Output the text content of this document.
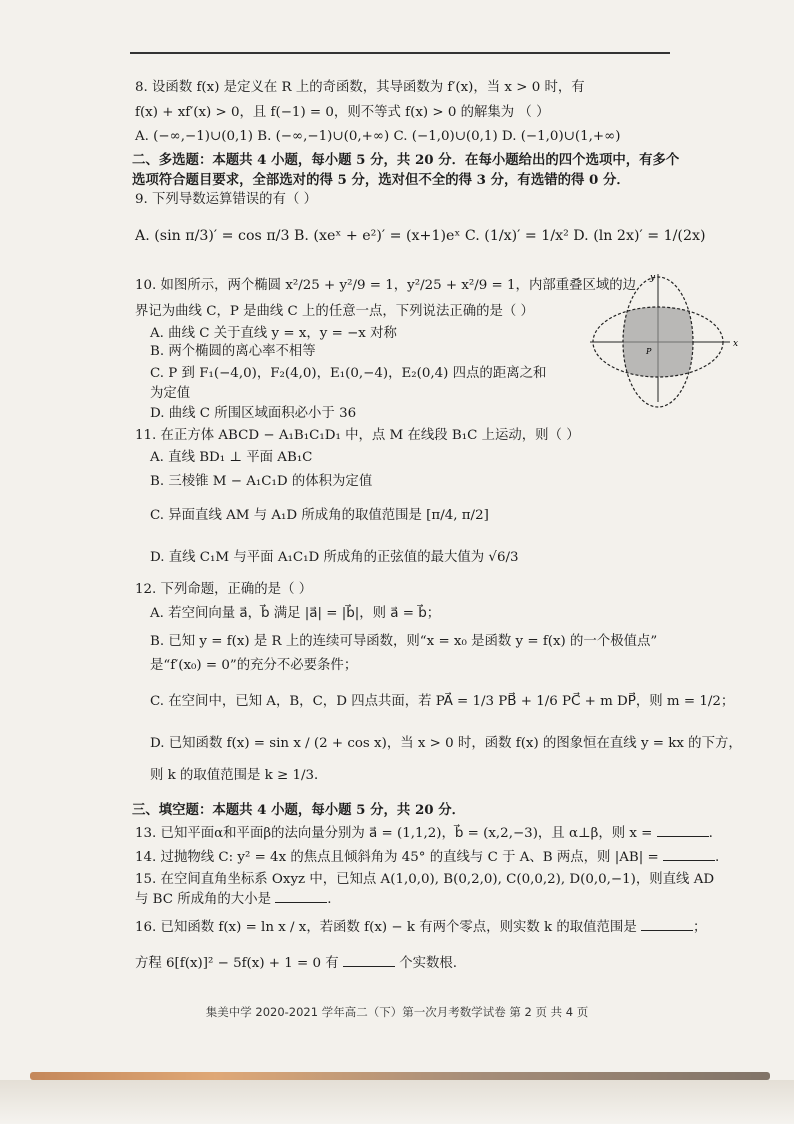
8. 设函数 f(x) 是定义在 R 上的奇函数，其导函数为 f′(x)，当 x > 0 时，有
f(x) + xf′(x) > 0，且 f(−1) = 0，则不等式 f(x) > 0 的解集为 （ ）
A. (−∞,−1)∪(0,1) B. (−∞,−1)∪(0,+∞) C. (−1,0)∪(0,1) D. (−1,0)∪(1,+∞)
二、多选题：本题共 4 小题，每小题 5 分，共 20 分．在每小题给出的四个选项中，有多个
选项符合题目要求，全部选对的得 5 分，选对但不全的得 3 分，有选错的得 0 分．
9. 下列导数运算错误的有（ ）
A. (sin π/3)′ = cos π/3 B. (xeˣ + e²)′ = (x+1)eˣ C. (1/x)′ = 1/x² D. (ln 2x)′ = 1/(2x)
10. 如图所示，两个椭圆 x²/25 + y²/9 = 1，y²/25 + x²/9 = 1，内部重叠区域的边
界记为曲线 C，P 是曲线 C 上的任意一点，下列说法正确的是（ ）
A. 曲线 C 关于直线 y = x，y = −x 对称
B. 两个椭圆的离心率不相等
C. P 到 F₁(−4,0)，F₂(4,0)，E₁(0,−4)，E₂(0,4) 四点的距离之和
为定值
D. 曲线 C 所围区域面积必小于 36
x
y
P
11. 在正方体 ABCD − A₁B₁C₁D₁ 中，点 M 在线段 B₁C 上运动，则（ ）
A. 直线 BD₁ ⊥ 平面 AB₁C
B. 三棱锥 M − A₁C₁D 的体积为定值
C. 异面直线 AM 与 A₁D 所成角的取值范围是 [π/4, π/2]
D. 直线 C₁M 与平面 A₁C₁D 所成角的正弦值的最大值为 √6/3
12. 下列命题，正确的是（ ）
A. 若空间向量 a⃗，b⃗ 满足 |a⃗| = |b⃗|，则 a⃗ = b⃗；
B. 已知 y = f(x) 是 R 上的连续可导函数，则“x = x₀ 是函数 y = f(x) 的一个极值点”
是“f′(x₀) = 0”的充分不必要条件；
C. 在空间中，已知 A，B，C，D 四点共面，若 PA⃗ = 1/3 PB⃗ + 1/6 PC⃗ + m DP⃗，则 m = 1/2；
D. 已知函数 f(x) = sin x / (2 + cos x)，当 x > 0 时，函数 f(x) 的图象恒在直线 y = kx 的下方，
则 k 的取值范围是 k ≥ 1/3．
三、填空题：本题共 4 小题，每小题 5 分，共 20 分．
13. 已知平面α和平面β的法向量分别为 a⃗ = (1,1,2)，b⃗ = (x,2,−3)，且 α⊥β，则 x =	.
14. 过抛物线 C: y² = 4x 的焦点且倾斜角为 45° 的直线与 C 于 A、B 两点，则 |AB| =	.
15. 在空间直角坐标系 Oxyz 中，已知点 A(1,0,0), B(0,2,0), C(0,0,2), D(0,0,−1)，则直线 AD
与 BC 所成角的大小是	.
16. 已知函数 f(x) = ln x / x，若函数 f(x) − k 有两个零点，则实数 k 的取值范围是	；
方程 6[f(x)]² − 5f(x) + 1 = 0 有	个实数根.
集美中学 2020-2021 学年高二（下）第一次月考数学试卷 第 2 页 共 4 页
